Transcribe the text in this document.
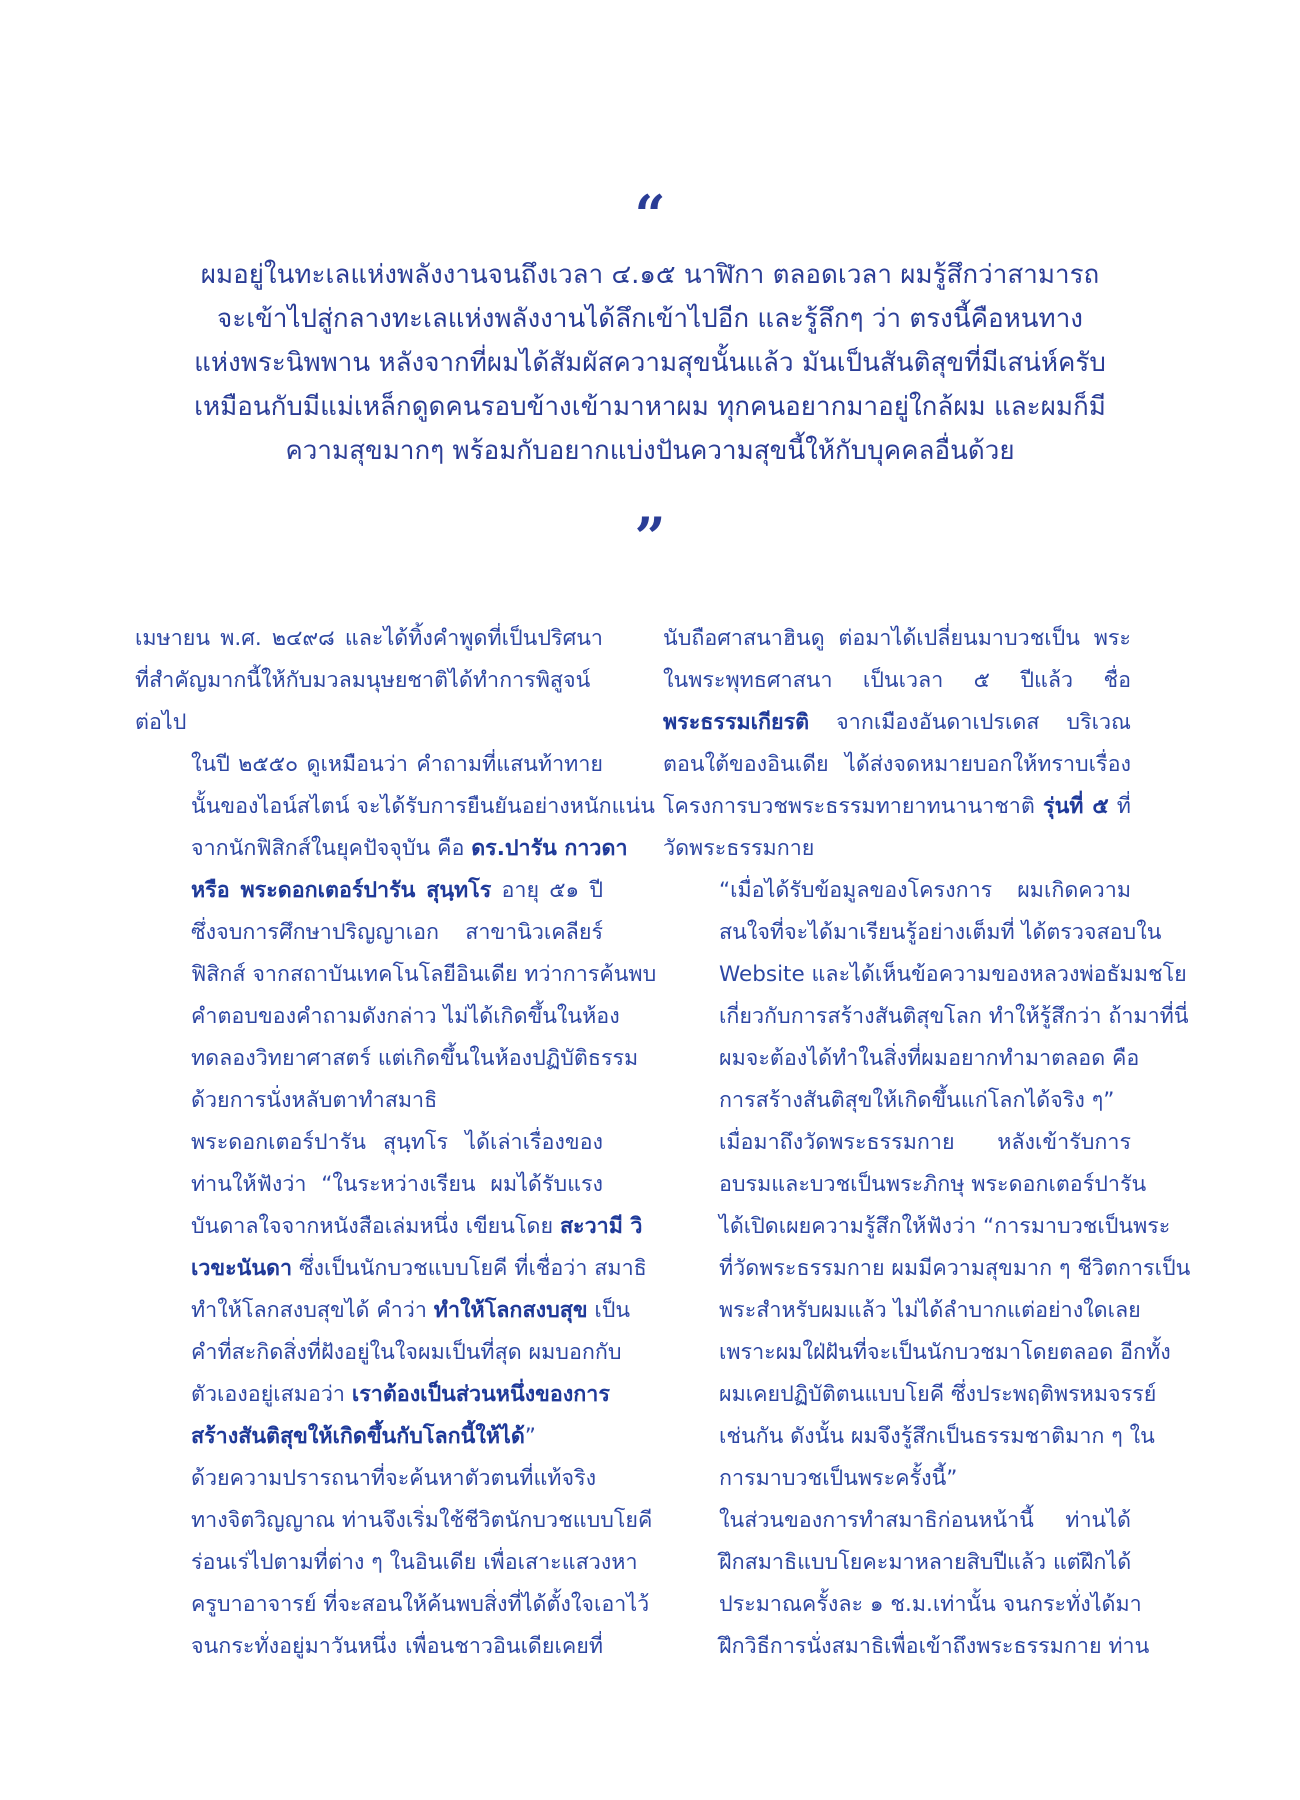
“
ผมอยู่ในทะเลแห่งพลังงานจนถึงเวลา ๔.๑๕ นาฬิกา ตลอดเวลา ผมรู้สึกว่าสามารถ
จะเข้าไปสู่กลางทะเลแห่งพลังงานได้ลึกเข้าไปอีก และรู้ลึกๆ ว่า ตรงนี้คือหนทาง
แห่งพระนิพพาน หลังจากที่ผมได้สัมผัสความสุขนั้นแล้ว มันเป็นสันติสุขที่มีเสน่ห์ครับ
เหมือนกับมีแม่เหล็กดูดคนรอบข้างเข้ามาหาผม ทุกคนอยากมาอยู่ใกล้ผม และผมก็มี
ความสุขมากๆ พร้อมกับอยากแบ่งปันความสุขนี้ให้กับบุคคลอื่นด้วย
”

เมษายน พ.ศ. ๒๔๙๘ และได้ทิ้งคำพูดที่เป็นปริศนา
ที่สำคัญมากนี้ให้กับมวลมนุษยชาติได้ทำการพิสูจน์
ต่อไป

ในปี ๒๕๕๐ ดูเหมือนว่า คำถามที่แสนท้าทาย
นั้นของไอน์สไตน์ จะได้รับการยืนยันอย่างหนักแน่น
จากนักฟิสิกส์ในยุคปัจจุบัน คือ ดร.ปารัน กาวดา
หรือ พระดอกเตอร์ปารัน สุนฺทโร อายุ ๕๑ ปี
ซึ่งจบการศึกษาปริญญาเอก สาขานิวเคลียร์
ฟิสิกส์ จากสถาบันเทคโนโลยีอินเดีย ทว่าการค้นพบ
คำตอบของคำถามดังกล่าว ไม่ได้เกิดขึ้นในห้อง
ทดลองวิทยาศาสตร์ แต่เกิดขึ้นในห้องปฏิบัติธรรม
ด้วยการนั่งหลับตาทำสมาธิ

พระดอกเตอร์ปารัน สุนฺทโร ได้เล่าเรื่องของ
ท่านให้ฟังว่า “ในระหว่างเรียน ผมได้รับแรง
บันดาลใจจากหนังสือเล่มหนึ่ง เขียนโดย สะวามี วิ
เวขะนันดา ซึ่งเป็นนักบวชแบบโยคี ที่เชื่อว่า สมาธิ
ทำให้โลกสงบสุขได้ คำว่า ทำให้โลกสงบสุข เป็น
คำที่สะกิดสิ่งที่ฝังอยู่ในใจผมเป็นที่สุด ผมบอกกับ
ตัวเองอยู่เสมอว่า เราต้องเป็นส่วนหนึ่งของการ
สร้างสันติสุขให้เกิดขึ้นกับโลกนี้ให้ได้”

ด้วยความปรารถนาที่จะค้นหาตัวตนที่แท้จริง
ทางจิตวิญญาณ ท่านจึงเริ่มใช้ชีวิตนักบวชแบบโยคี
ร่อนเร่ไปตามที่ต่าง ๆ ในอินเดีย เพื่อเสาะแสวงหา
ครูบาอาจารย์ ที่จะสอนให้ค้นพบสิ่งที่ได้ตั้งใจเอาไว้
จนกระทั่งอยู่มาวันหนึ่ง เพื่อนชาวอินเดียเคยที่

นับถือศาสนาฮินดู ต่อมาได้เปลี่ยนมาบวชเป็น พระ
ในพระพุทธศาสนา เป็นเวลา ๕ ปีแล้ว ชื่อ
พระธรรมเกียรติ จากเมืองอันดาเปรเดส บริเวณ
ตอนใต้ของอินเดีย ได้ส่งจดหมายบอกให้ทราบเรื่อง
โครงการบวชพระธรรมทายาทนานาชาติ รุ่นที่ ๕ ที่
วัดพระธรรมกาย

“เมื่อได้รับข้อมูลของโครงการ ผมเกิดความ
สนใจที่จะได้มาเรียนรู้อย่างเต็มที่ ได้ตรวจสอบใน
Website และได้เห็นข้อความของหลวงพ่อธัมมชโย
เกี่ยวกับการสร้างสันติสุขโลก ทำให้รู้สึกว่า ถ้ามาที่นี่
ผมจะต้องได้ทำในสิ่งที่ผมอยากทำมาตลอด คือ
การสร้างสันติสุขให้เกิดขึ้นแก่โลกได้จริง ๆ”

เมื่อมาถึงวัดพระธรรมกาย หลังเข้ารับการ
อบรมและบวชเป็นพระภิกษุ พระดอกเตอร์ปารัน
ได้เปิดเผยความรู้สึกให้ฟังว่า “การมาบวชเป็นพระ
ที่วัดพระธรรมกาย ผมมีความสุขมาก ๆ ชีวิตการเป็น
พระสำหรับผมแล้ว ไม่ได้ลำบากแต่อย่างใดเลย
เพราะผมใฝ่ฝันที่จะเป็นนักบวชมาโดยตลอด อีกทั้ง
ผมเคยปฏิบัติตนแบบโยคี ซึ่งประพฤติพรหมจรรย์
เช่นกัน ดังนั้น ผมจึงรู้สึกเป็นธรรมชาติมาก ๆ ใน
การมาบวชเป็นพระครั้งนี้”

ในส่วนของการทำสมาธิก่อนหน้านี้ ท่านได้
ฝึกสมาธิแบบโยคะมาหลายสิบปีแล้ว แต่ฝึกได้
ประมาณครั้งละ ๑ ช.ม.เท่านั้น จนกระทั่งได้มา
ฝึกวิธีการนั่งสมาธิเพื่อเข้าถึงพระธรรมกาย ท่าน
